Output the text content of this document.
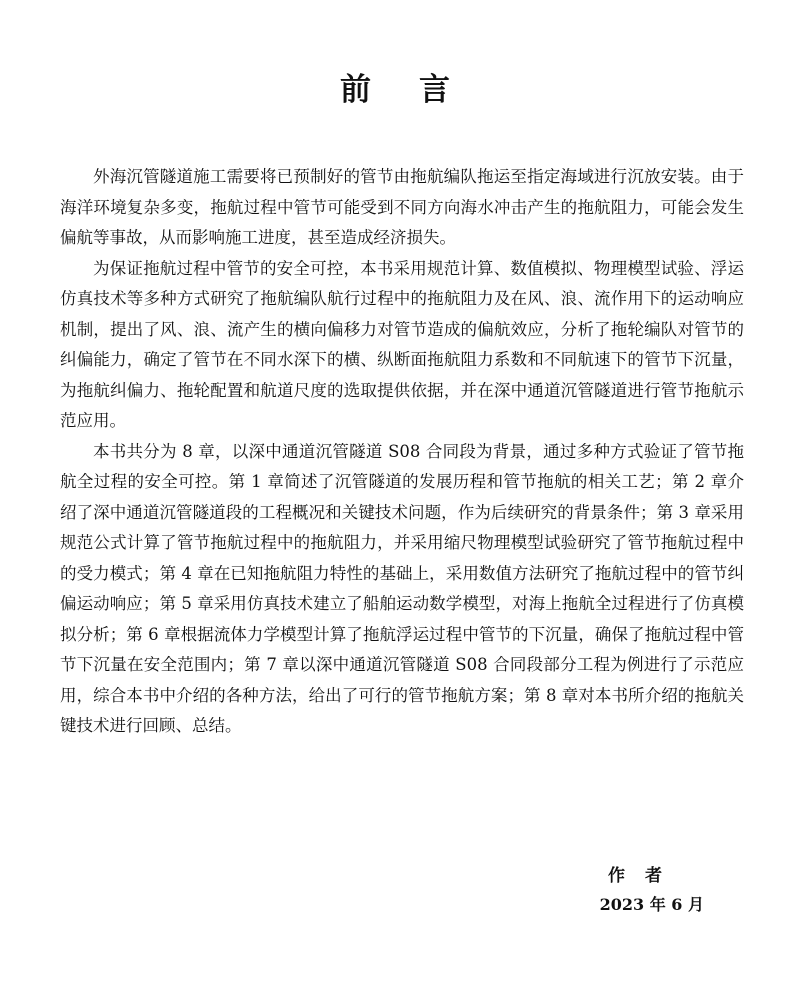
前言

外海沉管隧道施工需要将已预制好的管节由拖航编队拖运至指定海域进行沉放安装。由于海洋环境复杂多变，拖航过程中管节可能受到不同方向海水冲击产生的拖航阻力，可能会发生偏航等事故，从而影响施工进度，甚至造成经济损失。

为保证拖航过程中管节的安全可控，本书采用规范计算、数值模拟、物理模型试验、浮运仿真技术等多种方式研究了拖航编队航行过程中的拖航阻力及在风、浪、流作用下的运动响应机制，提出了风、浪、流产生的横向偏移力对管节造成的偏航效应，分析了拖轮编队对管节的纠偏能力，确定了管节在不同水深下的横、纵断面拖航阻力系数和不同航速下的管节下沉量，为拖航纠偏力、拖轮配置和航道尺度的选取提供依据，并在深中通道沉管隧道进行管节拖航示范应用。

本书共分为 8 章，以深中通道沉管隧道 S08 合同段为背景，通过多种方式验证了管节拖航全过程的安全可控。第 1 章简述了沉管隧道的发展历程和管节拖航的相关工艺；第 2 章介绍了深中通道沉管隧道段的工程概况和关键技术问题，作为后续研究的背景条件；第 3 章采用规范公式计算了管节拖航过程中的拖航阻力，并采用缩尺物理模型试验研究了管节拖航过程中的受力模式；第 4 章在已知拖航阻力特性的基础上，采用数值方法研究了拖航过程中的管节纠偏运动响应；第 5 章采用仿真技术建立了船舶运动数学模型，对海上拖航全过程进行了仿真模拟分析；第 6 章根据流体力学模型计算了拖航浮运过程中管节的下沉量，确保了拖航过程中管节下沉量在安全范围内；第 7 章以深中通道沉管隧道 S08 合同段部分工程为例进行了示范应用，综合本书中介绍的各种方法，给出了可行的管节拖航方案；第 8 章对本书所介绍的拖航关键技术进行回顾、总结。

作者
2023 年 6 月
